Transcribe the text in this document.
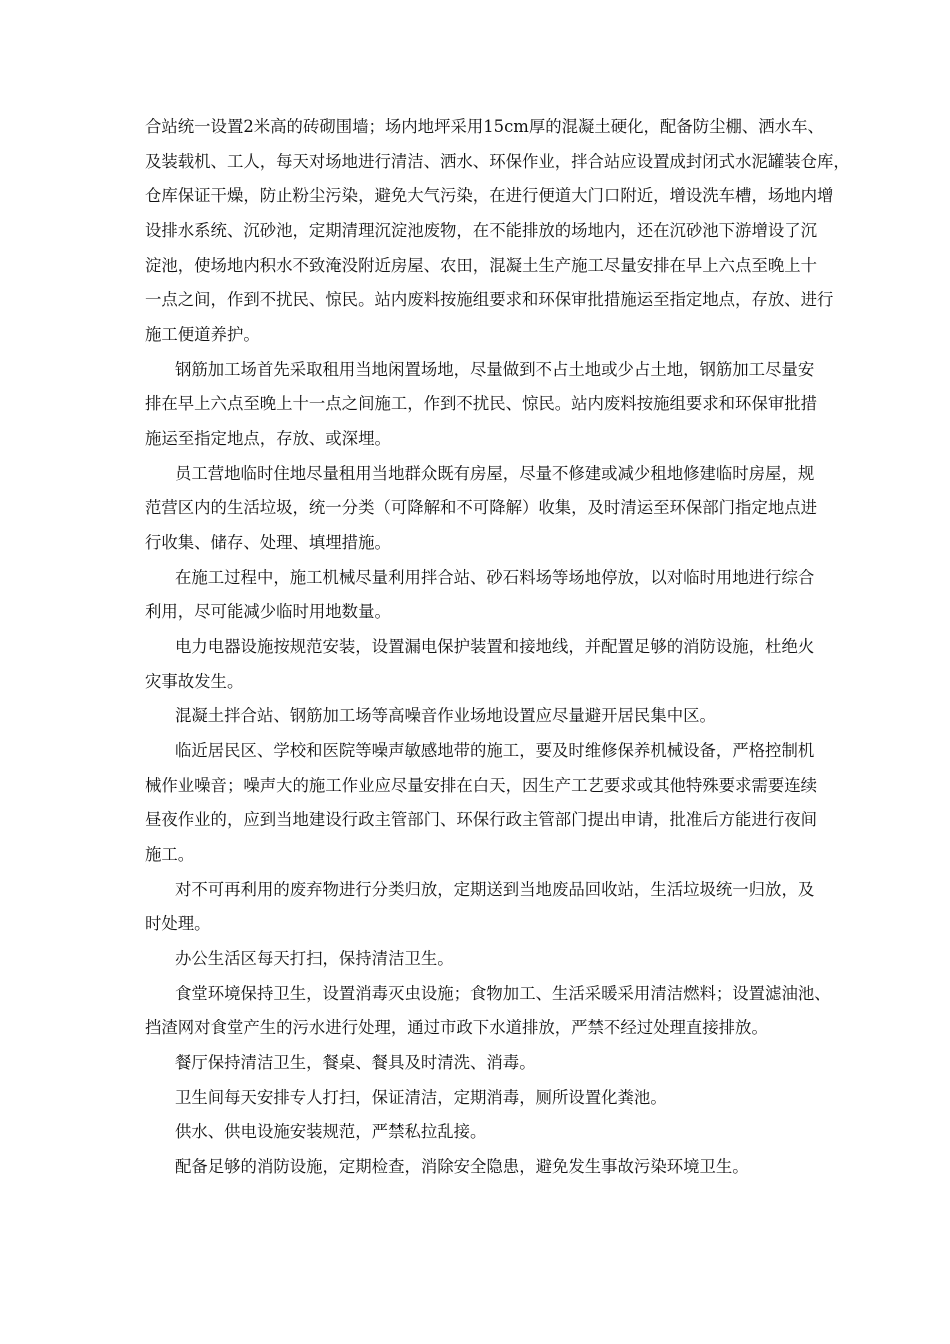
合站统一设置2米高的砖砌围墙；场内地坪采用15cm厚的混凝土硬化，配备防尘棚、洒水车、
及装载机、工人，每天对场地进行清洁、洒水、环保作业，拌合站应设置成封闭式水泥罐装仓库，
仓库保证干燥，防止粉尘污染，避免大气污染，在进行便道大门口附近，增设洗车槽，场地内增
设排水系统、沉砂池，定期清理沉淀池废物，在不能排放的场地内，还在沉砂池下游增设了沉
淀池，使场地内积水不致淹没附近房屋、农田，混凝土生产施工尽量安排在早上六点至晚上十
一点之间，作到不扰民、惊民。站内废料按施组要求和环保审批措施运至指定地点，存放、进行
施工便道养护。
钢筋加工场首先采取租用当地闲置场地，尽量做到不占土地或少占土地，钢筋加工尽量安
排在早上六点至晚上十一点之间施工，作到不扰民、惊民。站内废料按施组要求和环保审批措
施运至指定地点，存放、或深埋。
员工营地临时住地尽量租用当地群众既有房屋，尽量不修建或减少租地修建临时房屋，规
范营区内的生活垃圾，统一分类（可降解和不可降解）收集，及时清运至环保部门指定地点进
行收集、储存、处理、填埋措施。
在施工过程中，施工机械尽量利用拌合站、砂石料场等场地停放，以对临时用地进行综合
利用，尽可能减少临时用地数量。
电力电器设施按规范安装，设置漏电保护装置和接地线，并配置足够的消防设施，杜绝火
灾事故发生。
混凝土拌合站、钢筋加工场等高噪音作业场地设置应尽量避开居民集中区。
临近居民区、学校和医院等噪声敏感地带的施工，要及时维修保养机械设备，严格控制机
械作业噪音；噪声大的施工作业应尽量安排在白天，因生产工艺要求或其他特殊要求需要连续
昼夜作业的，应到当地建设行政主管部门、环保行政主管部门提出申请，批准后方能进行夜间
施工。
对不可再利用的废弃物进行分类归放，定期送到当地废品回收站，生活垃圾统一归放，及
时处理。
办公生活区每天打扫，保持清洁卫生。
食堂环境保持卫生，设置消毒灭虫设施；食物加工、生活采暖采用清洁燃料；设置滤油池、
挡渣网对食堂产生的污水进行处理，通过市政下水道排放，严禁不经过处理直接排放。
餐厅保持清洁卫生，餐桌、餐具及时清洗、消毒。
卫生间每天安排专人打扫，保证清洁，定期消毒，厕所设置化粪池。
供水、供电设施安装规范，严禁私拉乱接。
配备足够的消防设施，定期检查，消除安全隐患，避免发生事故污染环境卫生。
